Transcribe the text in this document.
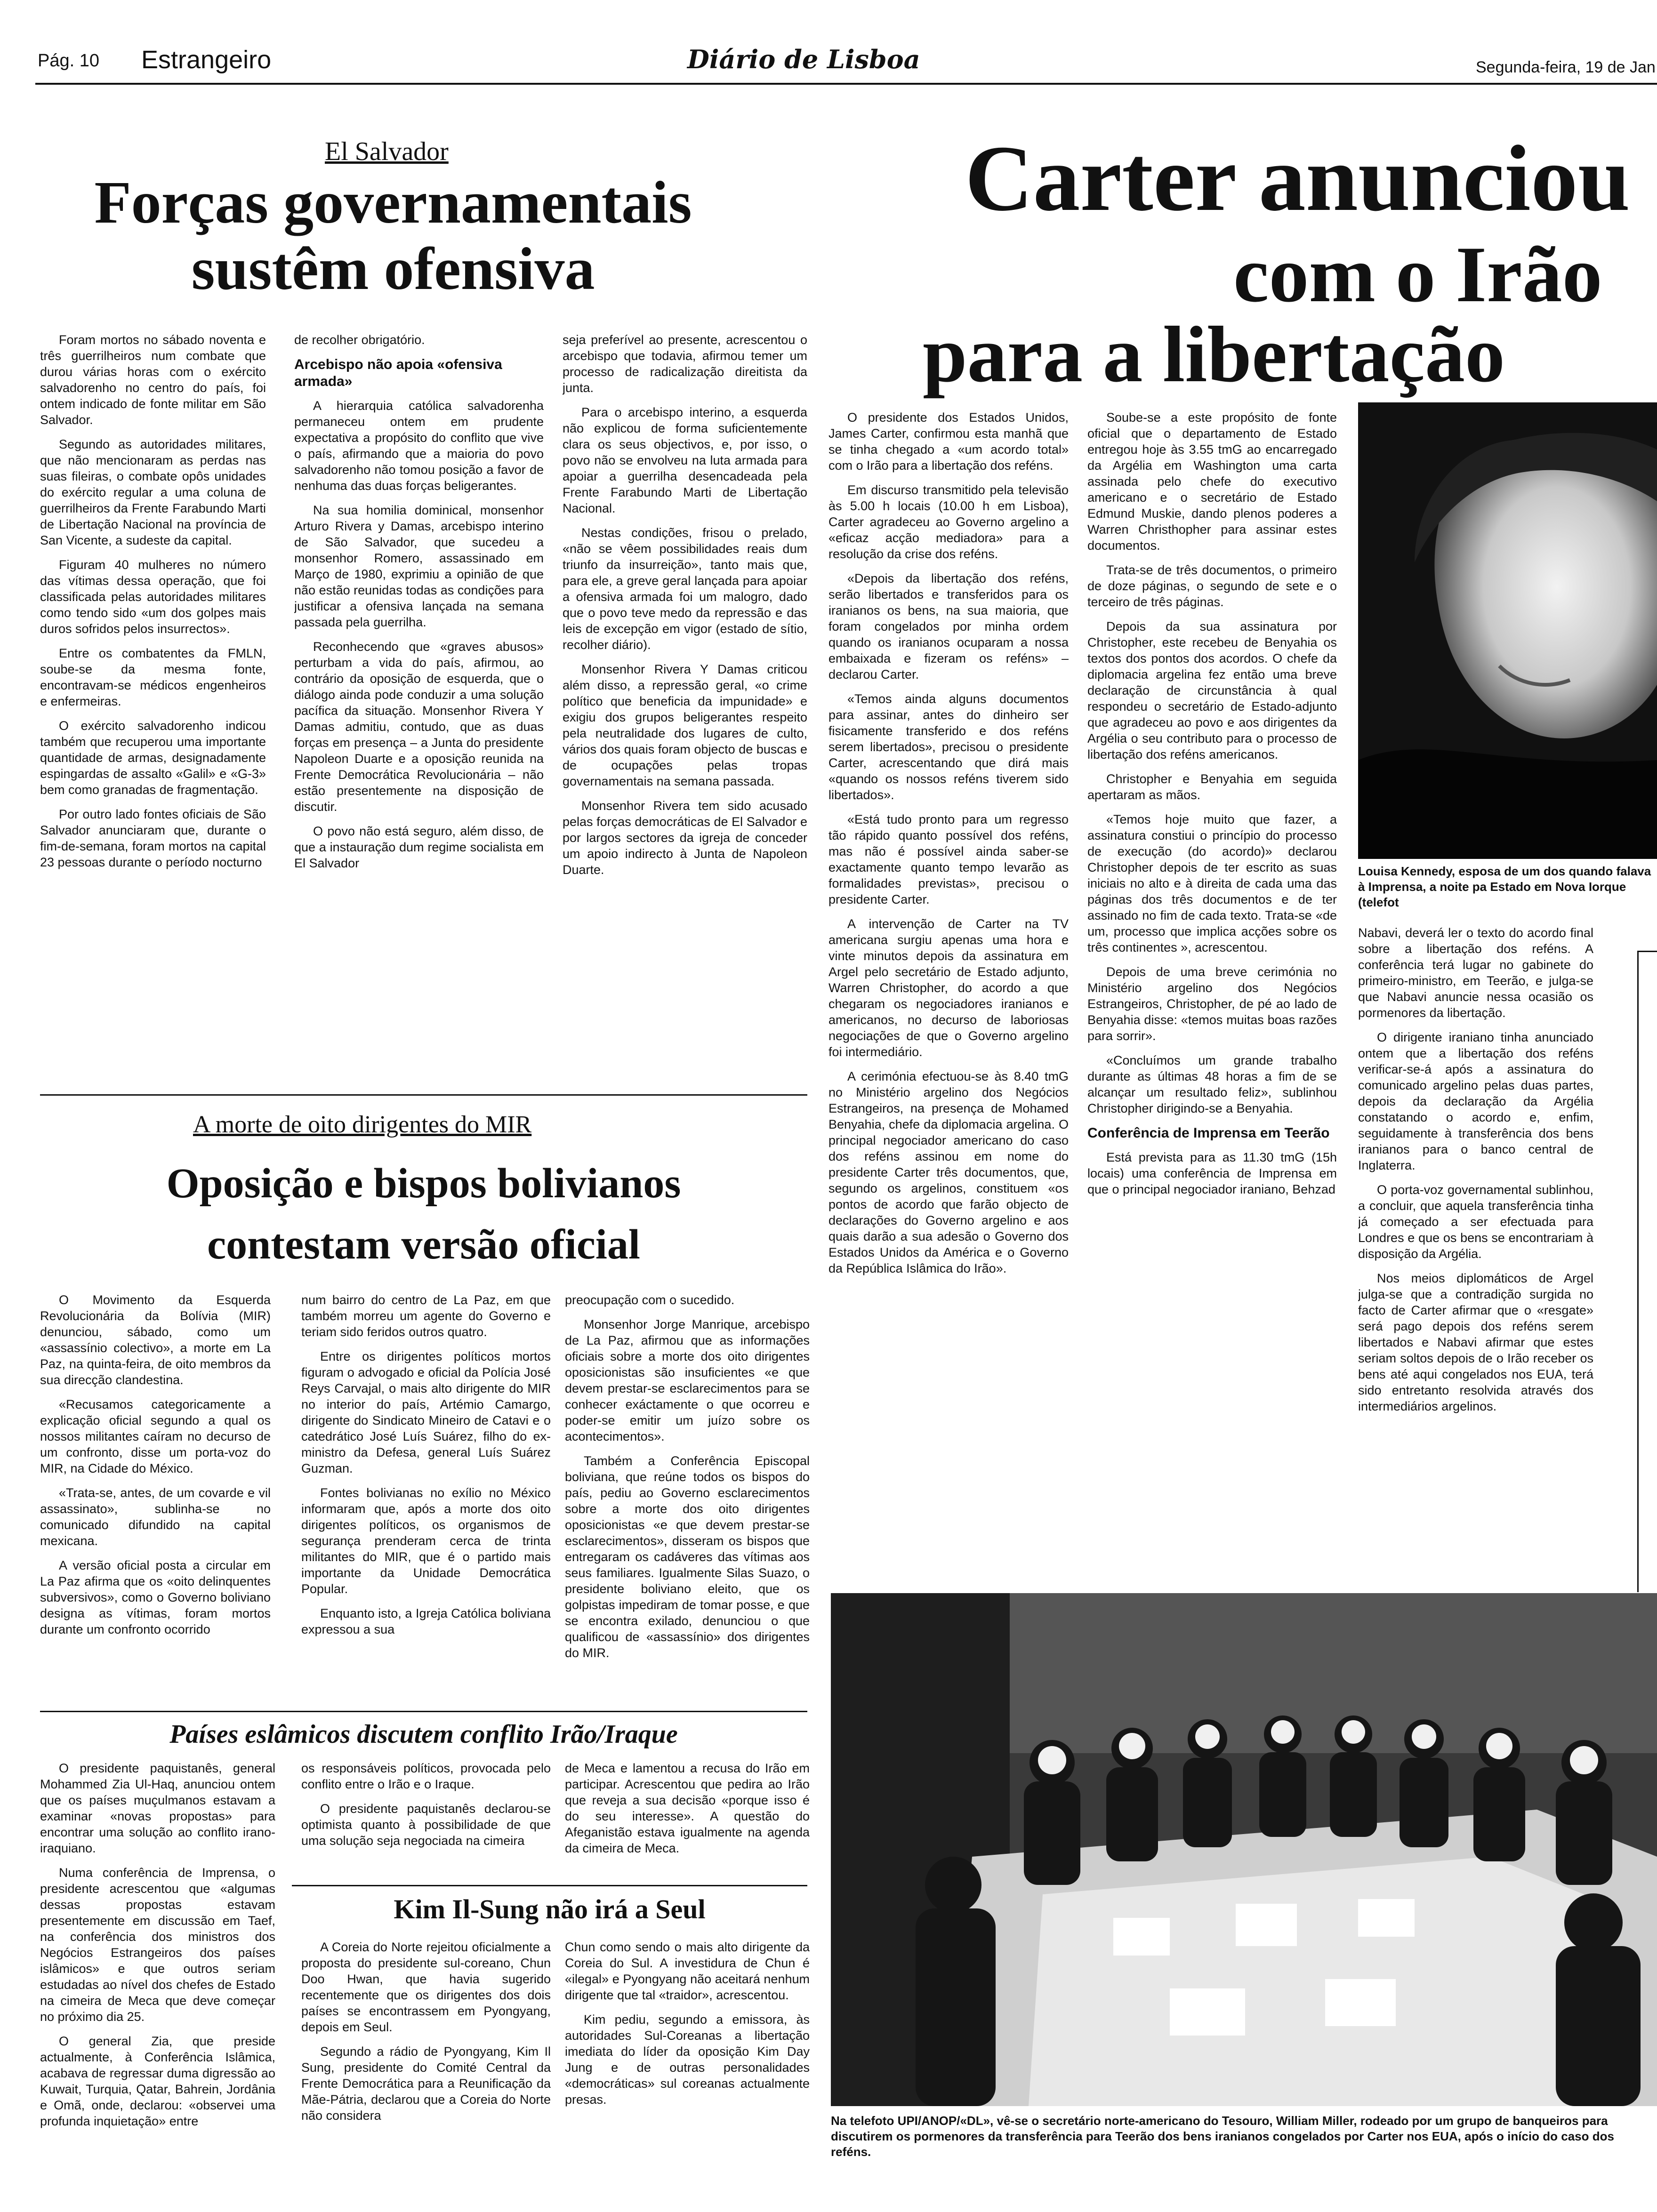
Pág. 10 Estrangeiro	Diário de Lisboa	Segunda-feira, 19 de Jan
El Salvador
Forças governamentais
sustêm ofensiva

Foram mortos no sábado noventa e três guerrilheiros num combate que durou várias horas com o exército salvadorenho no centro do país, foi ontem indicado de fonte militar em São Salvador.

Segundo as autoridades militares, que não mencionaram as perdas nas suas fileiras, o combate opôs unidades do exército regular a uma coluna de guerrilheiros da Frente Farabundo Marti de Libertação Nacional na província de San Vicente, a sudeste da capital.

Figuram 40 mulheres no número das vítimas dessa operação, que foi classificada pelas autoridades militares como tendo sido «um dos golpes mais duros sofridos pelos insurrectos».

Entre os combatentes da FMLN, soube-se da mesma fonte, encontravam-se médicos engenheiros e enfermeiras.

O exército salvadorenho indicou também que recuperou uma importante quantidade de armas, designadamente espingardas de assalto «Galil» e «G-3» bem como granadas de fragmentação.

Por outro lado fontes oficiais de São Salvador anunciaram que, durante o fim-de-semana, foram mortos na capital 23 pessoas durante o período nocturno

de recolher obrigatório.

Arcebispo não apoia «ofensiva armada»

A hierarquia católica salvadorenha permaneceu ontem em prudente expectativa a propósito do conflito que vive o país, afirmando que a maioria do povo salvadorenho não tomou posição a favor de nenhuma das duas forças beligerantes.

Na sua homilia dominical, monsenhor Arturo Rivera y Damas, arcebispo interino de São Salvador, que sucedeu a monsenhor Romero, assassinado em Março de 1980, exprimiu a opinião de que não estão reunidas todas as condições para justificar a ofensiva lançada na semana passada pela guerrilha.

Reconhecendo que «graves abusos» perturbam a vida do país, afirmou, ao contrário da oposição de esquerda, que o diálogo ainda pode conduzir a uma solução pacífica da situação. Monsenhor Rivera Y Damas admitiu, contudo, que as duas forças em presença – a Junta do presidente Napoleon Duarte e a oposição reunida na Frente Democrática Revolucionária – não estão presentemente na disposição de discutir.

O povo não está seguro, além disso, de que a instauração dum regime socialista em El Salvador

seja preferível ao presente, acrescentou o arcebispo que todavia, afirmou temer um processo de radicalização direitista da junta.

Para o arcebispo interino, a esquerda não explicou de forma suficientemente clara os seus objectivos, e, por isso, o povo não se envolveu na luta armada para apoiar a guerrilha desencadeada pela Frente Farabundo Marti de Libertação Nacional.

Nestas condições, frisou o prelado, «não se vêem possibilidades reais dum triunfo da insurreição», tanto mais que, para ele, a greve geral lançada para apoiar a ofensiva armada foi um malogro, dado que o povo teve medo da repressão e das leis de excepção em vigor (estado de sítio, recolher diário).

Monsenhor Rivera Y Damas criticou além disso, a repressão geral, «o crime político que beneficia da impunidade» e exigiu dos grupos beligerantes respeito pela neutralidade dos lugares de culto, vários dos quais foram objecto de buscas e de ocupações pelas tropas governamentais na semana passada.

Monsenhor Rivera tem sido acusado pelas forças democráticas de El Salvador e por largos sectores da igreja de conceder um apoio indirecto à Junta de Napoleon Duarte.

A morte de oito dirigentes do MIR
Oposição e bispos bolivianos
contestam versão oficial

O Movimento da Esquerda Revolucionária da Bolívia (MIR) denunciou, sábado, como um «assassínio colectivo», a morte em La Paz, na quinta-feira, de oito membros da sua direcção clandestina.

«Recusamos categoricamente a explicação oficial segundo a qual os nossos militantes caíram no decurso de um confronto, disse um porta-voz do MIR, na Cidade do México.

«Trata-se, antes, de um covarde e vil assassinato», sublinha-se no comunicado difundido na capital mexicana.

A versão oficial posta a circular em La Paz afirma que os «oito delinquentes subversivos», como o Governo boliviano designa as vítimas, foram mortos durante um confronto ocorrido

num bairro do centro de La Paz, em que também morreu um agente do Governo e teriam sido feridos outros quatro.

Entre os dirigentes políticos mortos figuram o advogado e oficial da Polícia José Reys Carvajal, o mais alto dirigente do MIR no interior do país, Artémio Camargo, dirigente do Sindicato Mineiro de Catavi e o catedrático José Luís Suárez, filho do ex-ministro da Defesa, general Luís Suárez Guzman.

Fontes bolivianas no exílio no México informaram que, após a morte dos oito dirigentes políticos, os organismos de segurança prenderam cerca de trinta militantes do MIR, que é o partido mais importante da Unidade Democrática Popular.

Enquanto isto, a Igreja Católica boliviana expressou a sua

preocupação com o sucedido.

Monsenhor Jorge Manrique, arcebispo de La Paz, afirmou que as informações oficiais sobre a morte dos oito dirigentes oposicionistas são insuficientes «e que devem prestar-se esclarecimentos para se conhecer exáctamente o que ocorreu e poder-se emitir um juízo sobre os acontecimentos».

Também a Conferência Episcopal boliviana, que reúne todos os bispos do país, pediu ao Governo esclarecimentos sobre a morte dos oito dirigentes oposicionistas «e que devem prestar-se esclarecimentos», disseram os bispos que entregaram os cadáveres das vítimas aos seus familiares. Igualmente Silas Suazo, o presidente boliviano eleito, que os golpistas impediram de tomar posse, e que se encontra exilado, denunciou o que qualificou de «assassínio» dos dirigentes do MIR.

Países eslâmicos discutem conflito Irão/Iraque

O presidente paquistanês, general Mohammed Zia Ul-Haq, anunciou ontem que os países muçulmanos estavam a examinar «novas propostas» para encontrar uma solução ao conflito irano-iraquiano.

Numa conferência de Imprensa, o presidente acrescentou que «algumas dessas propostas estavam presentemente em discussão em Taef, na conferência dos ministros dos Negócios Estrangeiros dos países islâmicos» e que outros seriam estudadas ao nível dos chefes de Estado na cimeira de Meca que deve começar no próximo dia 25.

O general Zia, que preside actualmente, à Conferência Islâmica, acabava de regressar duma digressão ao Kuwait, Turquia, Qatar, Bahrein, Jordânia e Omã, onde, declarou: «observei uma profunda inquietação» entre

os responsáveis políticos, provocada pelo conflito entre o Irão e o Iraque.

O presidente paquistanês declarou-se optimista quanto à possibilidade de que uma solução seja negociada na cimeira

de Meca e lamentou a recusa do Irão em participar. Acrescentou que pedira ao Irão que reveja a sua decisão «porque isso é do seu interesse». A questão do Afeganistão estava igualmente na agenda da cimeira de Meca.

Kim Il-Sung não irá a Seul

A Coreia do Norte rejeitou oficialmente a proposta do presidente sul-coreano, Chun Doo Hwan, que havia sugerido recentemente que os dirigentes dos dois países se encontrassem em Pyongyang, depois em Seul.

Segundo a rádio de Pyongyang, Kim Il Sung, presidente do Comité Central da Frente Democrática para a Reunificação da Mãe-Pátria, declarou que a Coreia do Norte não considera

Chun como sendo o mais alto dirigente da Coreia do Sul. A investidura de Chun é «ilegal» e Pyongyang não aceitará nenhum dirigente que tal «traidor», acrescentou.

Kim pediu, segundo a emissora, às autoridades Sul-Coreanas a libertação imediata do líder da oposição Kim Day Jung e de outras personalidades «democráticas» sul coreanas actualmente presas.

Carter anunciou
com o Irão
para a libertação

O presidente dos Estados Unidos, James Carter, confirmou esta manhã que se tinha chegado a «um acordo total» com o Irão para a libertação dos reféns.

Em discurso transmitido pela televisão às 5.00 h locais (10.00 h em Lisboa), Carter agradeceu ao Governo argelino a «eficaz acção mediadora» para a resolução da crise dos reféns.

«Depois da libertação dos reféns, serão libertados e transferidos para os iranianos os bens, na sua maioria, que foram congelados por minha ordem quando os iranianos ocuparam a nossa embaixada e fizeram os reféns» – declarou Carter.

«Temos ainda alguns documentos para assinar, antes do dinheiro ser fisicamente transferido e dos reféns serem libertados», precisou o presidente Carter, acrescentando que dirá mais «quando os nossos reféns tiverem sido libertados».

«Está tudo pronto para um regresso tão rápido quanto possível dos reféns, mas não é possível ainda saber-se exactamente quanto tempo levarão as formalidades previstas», precisou o presidente Carter.

A intervenção de Carter na TV americana surgiu apenas uma hora e vinte minutos depois da assinatura em Argel pelo secretário de Estado adjunto, Warren Christopher, do acordo a que chegaram os negociadores iranianos e americanos, no decurso de laboriosas negociações de que o Governo argelino foi intermediário.

A cerimónia efectuou-se às 8.40 tmG no Ministério argelino dos Negócios Estrangeiros, na presença de Mohamed Benyahia, chefe da diplomacia argelina. O principal negociador americano do caso dos reféns assinou em nome do presidente Carter três documentos, que, segundo os argelinos, constituem «os pontos de acordo que farão objecto de declarações do Governo argelino e aos quais darão a sua adesão o Governo dos Estados Unidos da América e o Governo da República Islâmica do Irão».

Soube-se a este propósito de fonte oficial que o departamento de Estado entregou hoje às 3.55 tmG ao encarregado da Argélia em Washington uma carta assinada pelo chefe do executivo americano e o secretário de Estado Edmund Muskie, dando plenos poderes a Warren Christhopher para assinar estes documentos.

Trata-se de três documentos, o primeiro de doze páginas, o segundo de sete e o terceiro de três páginas.

Depois da sua assinatura por Christopher, este recebeu de Benyahia os textos dos pontos dos acordos. O chefe da diplomacia argelina fez então uma breve declaração de circunstância à qual respondeu o secretário de Estado-adjunto que agradeceu ao povo e aos dirigentes da Argélia o seu contributo para o processo de libertação dos reféns americanos.

Christopher e Benyahia em seguida apertaram as mãos.

«Temos hoje muito que fazer, a assinatura constiui o princípio do processo de execução (do acordo)» declarou Christopher depois de ter escrito as suas iniciais no alto e à direita de cada uma das páginas dos três documentos e de ter assinado no fim de cada texto. Trata-se «de um, processo que implica acções sobre os três continentes », acrescentou.

Depois de uma breve cerimónia no Ministério argelino dos Negócios Estrangeiros, Christopher, de pé ao lado de Benyahia disse: «temos muitas boas razões para sorrir».

«Concluímos um grande trabalho durante as últimas 48 horas a fim de se alcançar um resultado feliz», sublinhou Christopher dirigindo-se a Benyahia.

Conferência de Imprensa em Teerão

Está prevista para as 11.30 tmG (15h locais) uma conferência de Imprensa em que o principal negociador iraniano, Behzad

Louisa Kennedy, esposa de um dos quando falava à Imprensa, a noite pa Estado em Nova Iorque (telefot

Nabavi, deverá ler o texto do acordo final sobre a libertação dos reféns. A conferência terá lugar no gabinete do primeiro-ministro, em Teerão, e julga-se que Nabavi anuncie nessa ocasião os pormenores da libertação.

O dirigente iraniano tinha anunciado ontem que a libertação dos reféns verificar-se-á após a assinatura do comunicado argelino pelas duas partes, depois da declaração da Argélia constatando o acordo e, enfim, seguidamente à transferência dos bens iranianos para o banco central de Inglaterra.

O porta-voz governamental sublinhou, a concluir, que aquela transferência tinha já começado a ser efectuada para Londres e que os bens se encontrariam à disposição da Argélia.

Nos meios diplomáticos de Argel julga-se que a contradição surgida no facto de Carter afirmar que o «resgate» será pago depois dos reféns serem libertados e Nabavi afirmar que estes seriam soltos depois de o Irão receber os bens até aqui congelados nos EUA, terá sido entretanto resolvida através dos intermediários argelinos.

Na telefoto UPI/ANOP/«DL», vê-se o secretário norte-americano do Tesouro, William Miller, rodeado por um grupo de banqueiros para discutirem os pormenores da transferência para Teerão dos bens iranianos congelados por Carter nos EUA, após o início do caso dos reféns.
